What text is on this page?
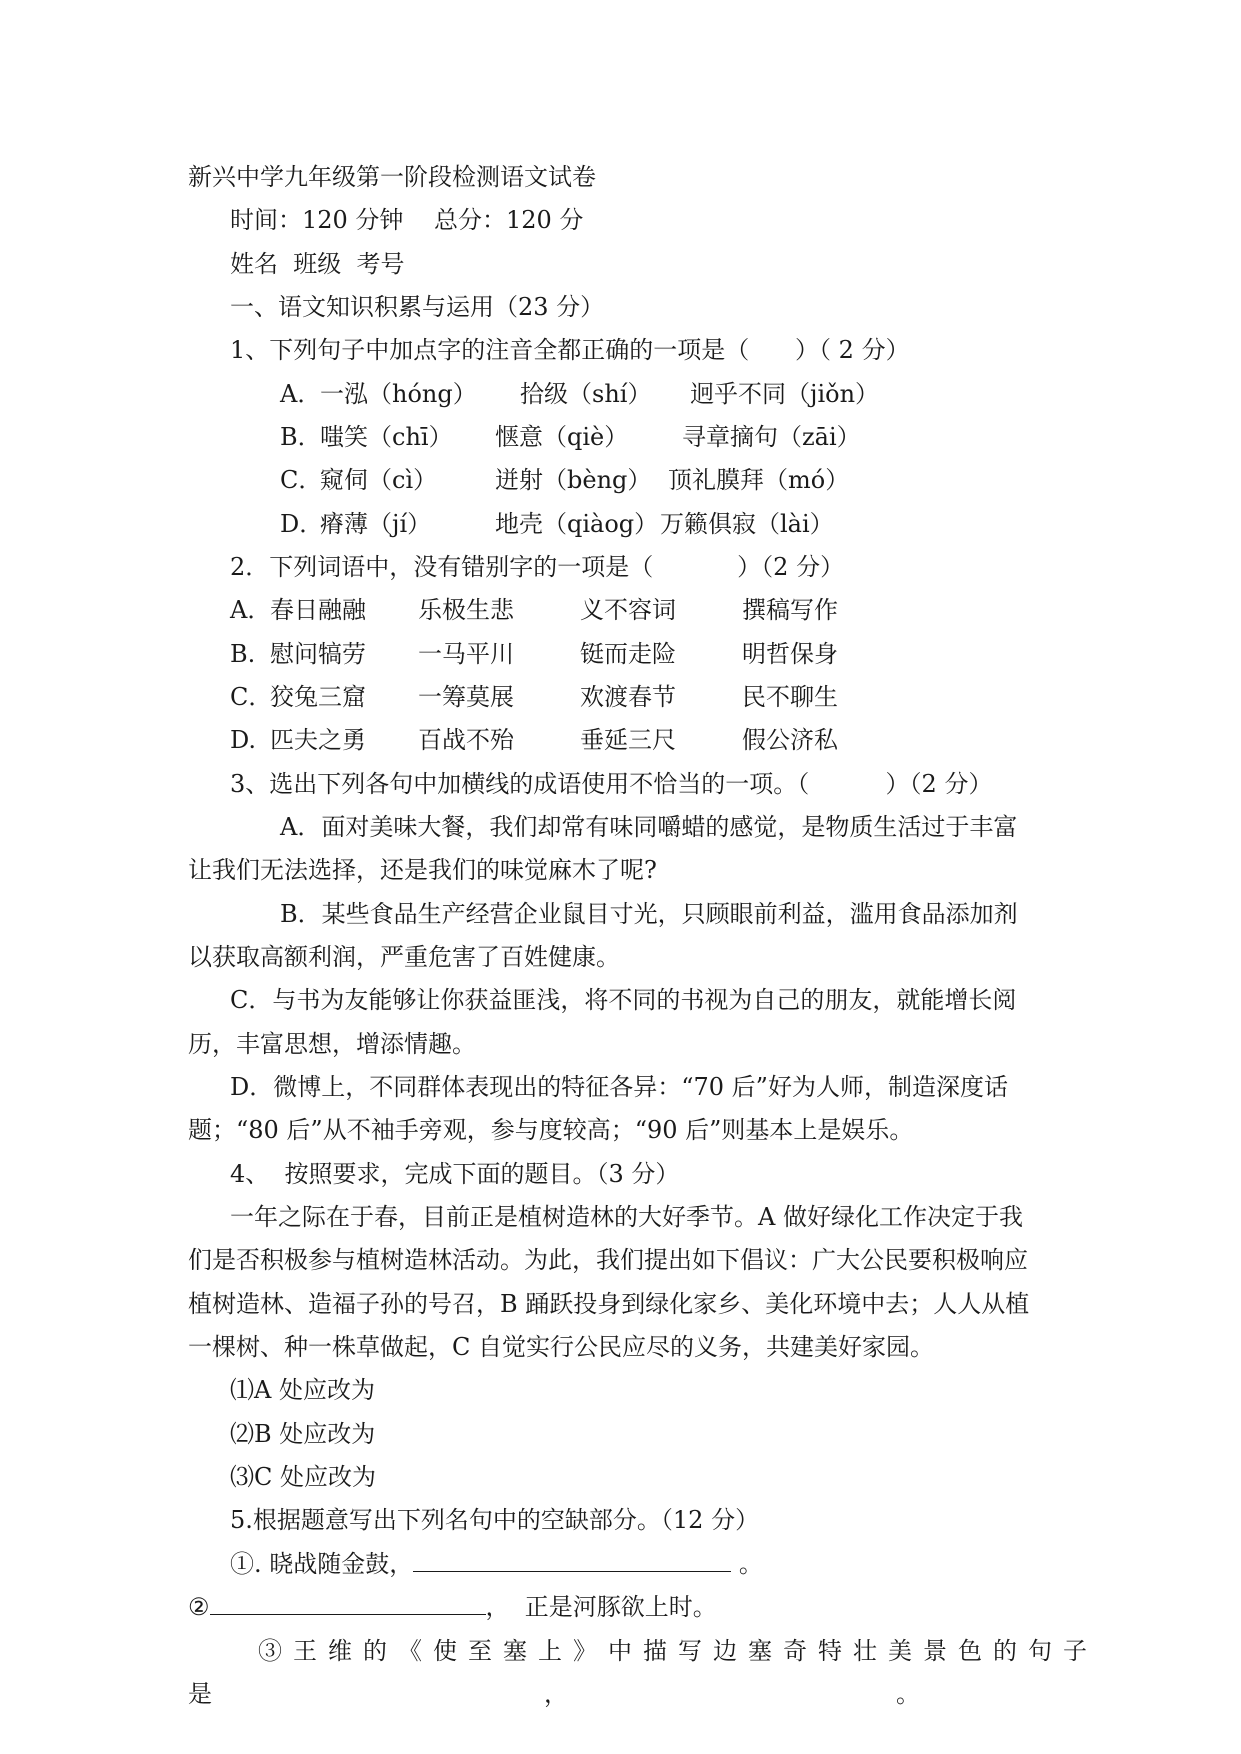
新兴中学九年级第一阶段检测语文试卷
时间：120 分钟    总分：120 分
姓名  班级  考号
一、语文知识积累与运用（23 分）
1、下列句子中加点字的注音全都正确的一项是（      ）（ 2 分）
A．
一泓（hóng） 拾级（shí） 迥乎不同（jiǒn）
B．
嗤笑（chī） 惬意（qiè） 寻章摘句（zāi）
C．
窥伺（cì） 迸射（bèng） 顶礼膜拜（mó）
D．
瘠薄（jí）	地壳（qiàog） 万籁俱寂（lài）
2．下列词语中，没有错别字的一项是（           ）（2 分）
A．
春日融融 乐极生悲	义不容词	撰稿写作
B. 慰问犒劳 一马平川	铤而走险	明哲保身
C．
狡兔三窟 一筹莫展	欢渡春节	民不聊生
D. 匹夫之勇 百战不殆	垂延三尺	假公济私
3、选出下列各句中加横线的成语使用不恰当的一项。（          ）（2 分）
A．面对美味大餐，我们却常有味同嚼蜡的感觉，是物质生活过于丰富
让我们无法选择，还是我们的味觉麻木了呢?
B．某些食品生产经营企业鼠目寸光，只顾眼前利益，滥用食品添加剂
以获取高额利润，严重危害了百姓健康。
C．与书为友能够让你获益匪浅，将不同的书视为自己的朋友，就能增长阅
历，丰富思想，增添情趣。
D．微博上，不同群体表现出的特征各异：“70 后”好为人师，制造深度话
题；“80 后”从不袖手旁观，参与度较高；“90 后”则基本上是娱乐。
4、  按照要求，完成下面的题目。（3 分）
一年之际在于春，目前正是植树造林的大好季节。A 做好绿化工作决定于我
们是否积极参与植树造林活动。为此，我们提出如下倡议：广大公民要积极响应
植树造林、造福子孙的号召，B 踊跃投身到绿化家乡、美化环境中去；人人从植
一棵树、种一株草做起，C 自觉实行公民应尽的义务，共建美好家园。
⑴A 处应改为
⑵B 处应改为
⑶C 处应改为
5.根据题意写出下列名句中的空缺部分。（12 分）
①. 晓战随金鼓，	。
②	，  正是河豚欲上时。
③王维的《使至塞上》中描写边塞奇特壮美景色的句子
是	，	。
